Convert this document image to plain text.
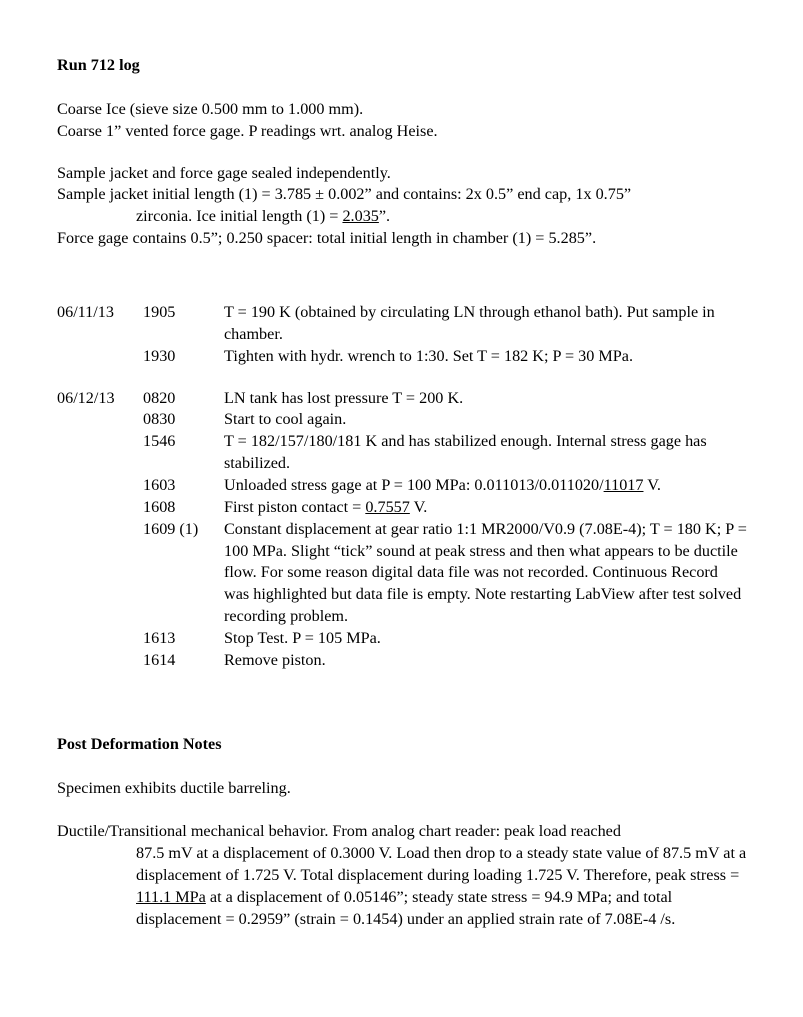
Run 712 log
Coarse Ice (sieve size 0.500 mm to 1.000 mm).
Coarse 1” vented force gage. P readings wrt. analog Heise.
Sample jacket and force gage sealed independently.
Sample jacket initial length (1) = 3.785 ± 0.002” and contains: 2x 0.5” end cap, 1x 0.75”
zirconia. Ice initial length (1) = 2.035”.
Force gage contains 0.5”; 0.250 spacer: total initial length in chamber (1) = 5.285”.
06/11/13	1905	T = 190 K (obtained by circulating LN through ethanol bath). Put sample in chamber.
	1930	Tighten with hydr. wrench to 1:30. Set T = 182 K; P = 30 MPa.

06/12/13	0820	LN tank has lost pressure T = 200 K.
	0830	Start to cool again.
	1546	T = 182/157/180/181 K and has stabilized enough. Internal stress gage has stabilized.
	1603	Unloaded stress gage at P = 100 MPa: 0.011013/0.011020/11017 V.
	1608	First piston contact = 0.7557 V.
	1609 (1)	Constant displacement at gear ratio 1:1 MR2000/V0.9 (7.08E-4); T = 180 K; P = 100 MPa. Slight “tick” sound at peak stress and then what appears to be ductile flow. For some reason digital data file was not recorded. Continuous Record was highlighted but data file is empty. Note restarting LabView after test solved recording problem.
	1613	Stop Test. P = 105 MPa.
	1614	Remove piston.
Post Deformation Notes
Specimen exhibits ductile barreling.
Ductile/Transitional mechanical behavior. From analog chart reader: peak load reached
87.5 mV at a displacement of 0.3000 V. Load then drop to a steady state value of 87.5 mV at a displacement of 1.725 V. Total displacement during loading 1.725 V. Therefore, peak stress = 111.1 MPa at a displacement of 0.05146”; steady state stress = 94.9 MPa; and total displacement = 0.2959” (strain = 0.1454) under an applied strain rate of 7.08E-4 /s.
